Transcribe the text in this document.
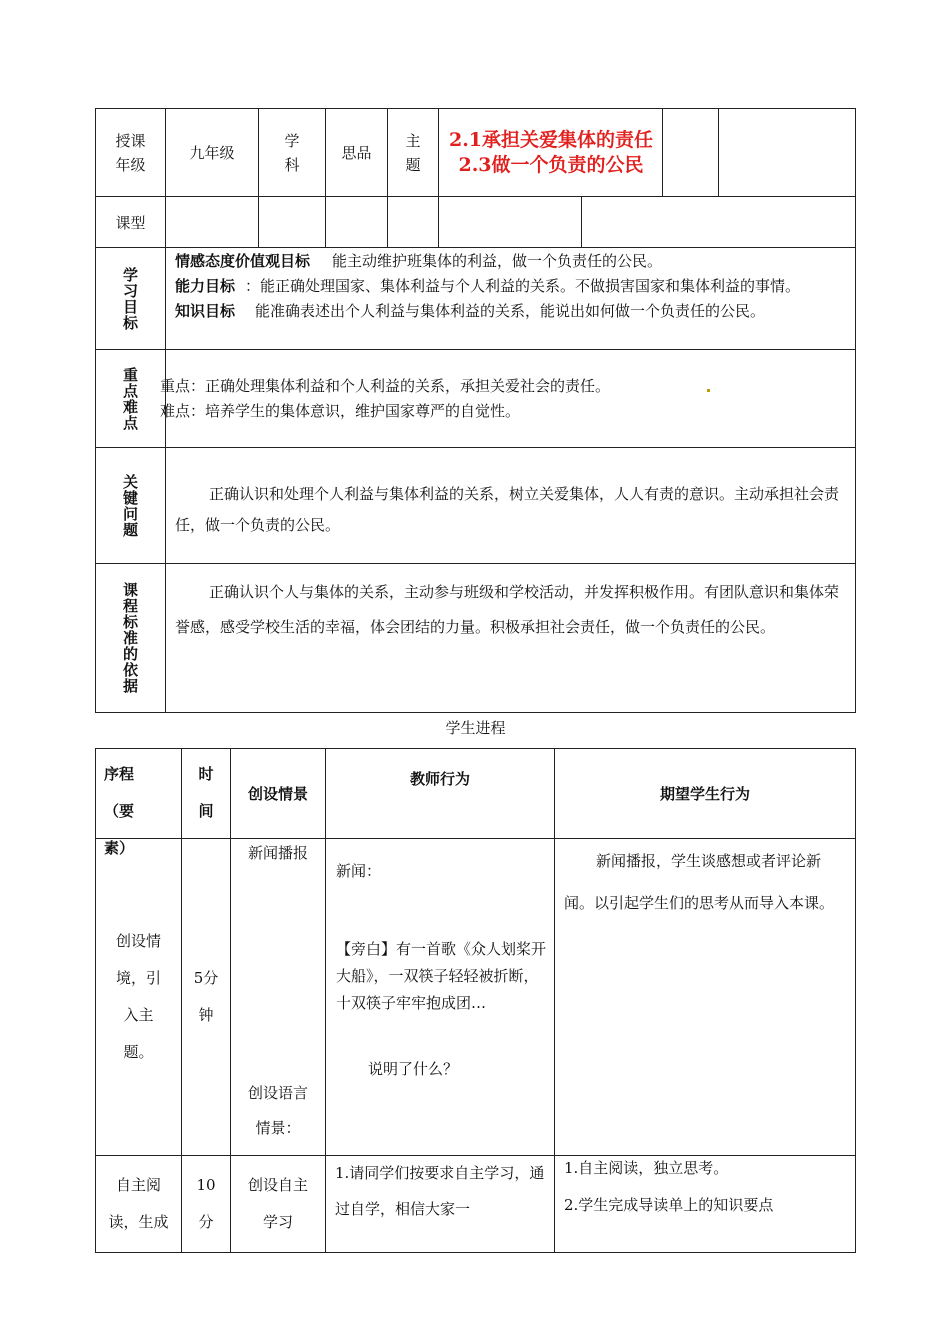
授课年级
九年级
学科
思品
主题
2.1承担关爱集体的责任2.3做一个负责的公民
课型
学习目标
情感态度价值观目标 能主动维护班集体的利益，做一个负责任的公民。
能力目标 ：能正确处理国家、集体利益与个人利益的关系。不做损害国家和集体利益的事情。
知识目标 能准确表述出个人利益与集体利益的关系，能说出如何做一个负责任的公民。
重点难点 重点：正确处理集体利益和个人利益的关系，承担关爱社会的责任。
难点：培养学生的集体意识，维护国家尊严的自觉性。
关键问题	正确认识和处理个人利益与集体利益的关系，树立关爱集体，人人有责的意识。主动承担社会责任，做一个负责的公民。
课程标准的依据	正确认识个人与集体的关系，主动参与班级和学校活动，并发挥积极作用。有团队意识和集体荣誉感，感受学校生活的幸福，体会团结的力量。积极承担社会责任，做一个负责任的公民。
学生进程
序程（要素）
时间
创设情景
教师行为
期望学生行为
创设情境，引入主题。
5分钟
新闻播报
创设语言情景：
新闻：
【旁白】有一首歌《众人划桨开大船》，一双筷子轻轻被折断，十双筷子牢牢抱成团…
说明了什么？
新闻播报，学生谈感想或者评论新闻。以引起学生们的思考从而导入本课。
自主阅读，生成
10分
创设自主学习
1.请同学们按要求自主学习，通过自学，相信大家一
1.自主阅读，独立思考。
2.学生完成导读单上的知识要点
